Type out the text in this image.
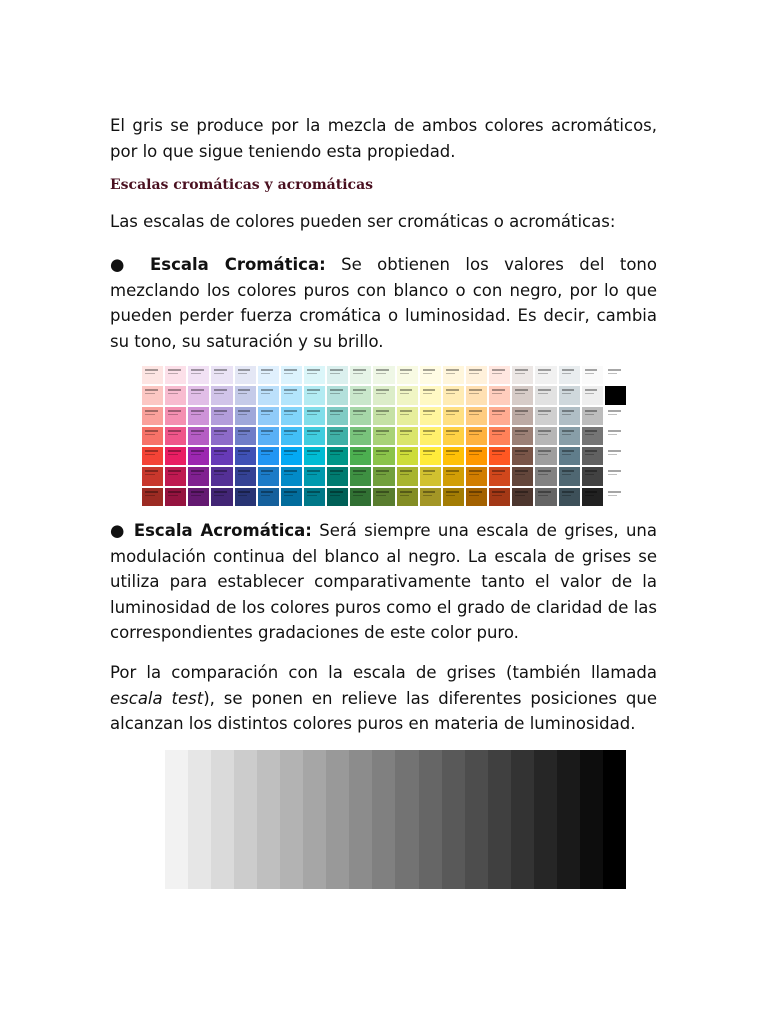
El gris se produce por la mezcla de ambos colores acromáticos, por lo que sigue teniendo esta propiedad.

Escalas cromáticas y acromáticas

Las escalas de colores pueden ser cromáticas o acromáticas:

● Escala Cromática: Se obtienen los valores del tono mezclando los colores puros con blanco o con negro, por lo que pueden perder fuerza cromática o luminosidad. Es decir, cambia su tono, su saturación y su brillo.

● Escala Acromática: Será siempre una escala de grises, una modulación continua del blanco al negro. La escala de grises se utiliza para establecer comparativamente tanto el valor de la luminosidad de los colores puros como el grado de claridad de las correspondientes gradaciones de este color puro.

Por la comparación con la escala de grises (también llamada escala test), se ponen en relieve las diferentes posiciones que alcanzan los distintos colores puros en materia de luminosidad.
